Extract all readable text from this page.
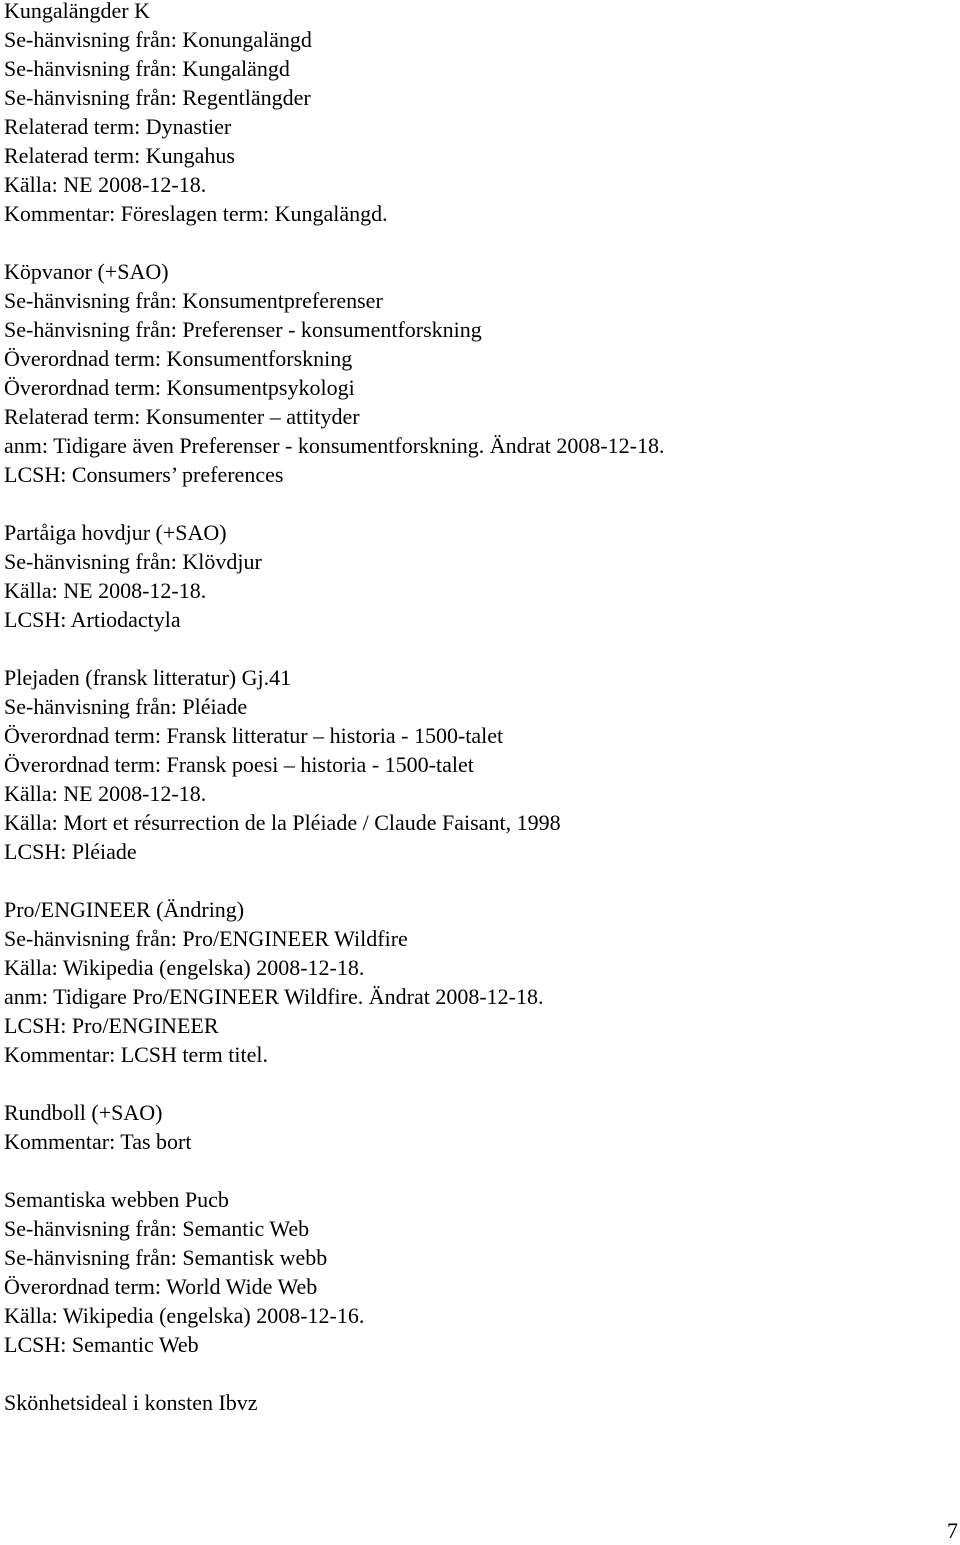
Kungalängder K
Se-hänvisning från: Konungalängd
Se-hänvisning från: Kungalängd
Se-hänvisning från: Regentlängder
Relaterad term: Dynastier
Relaterad term: Kungahus
Källa: NE 2008-12-18.
Kommentar: Föreslagen term: Kungalängd.
Köpvanor (+SAO)
Se-hänvisning från: Konsumentpreferenser
Se-hänvisning från: Preferenser - konsumentforskning
Överordnad term: Konsumentforskning
Överordnad term: Konsumentpsykologi
Relaterad term: Konsumenter – attityder
anm: Tidigare även Preferenser - konsumentforskning. Ändrat 2008-12-18.
LCSH: Consumers’ preferences
Partåiga hovdjur (+SAO)
Se-hänvisning från: Klövdjur
Källa: NE 2008-12-18.
LCSH: Artiodactyla
Plejaden (fransk litteratur) Gj.41
Se-hänvisning från: Pléiade
Överordnad term: Fransk litteratur – historia - 1500-talet
Överordnad term: Fransk poesi – historia - 1500-talet
Källa: NE 2008-12-18.
Källa: Mort et résurrection de la Pléiade / Claude Faisant, 1998
LCSH: Pléiade
Pro/ENGINEER (Ändring)
Se-hänvisning från: Pro/ENGINEER Wildfire
Källa: Wikipedia (engelska) 2008-12-18.
anm: Tidigare Pro/ENGINEER Wildfire. Ändrat 2008-12-18.
LCSH: Pro/ENGINEER
Kommentar: LCSH term titel.
Rundboll (+SAO)
Kommentar: Tas bort
Semantiska webben Pucb
Se-hänvisning från: Semantic Web
Se-hänvisning från: Semantisk webb
Överordnad term: World Wide Web
Källa: Wikipedia (engelska) 2008-12-16.
LCSH: Semantic Web
Skönhetsideal i konsten Ibvz
7
